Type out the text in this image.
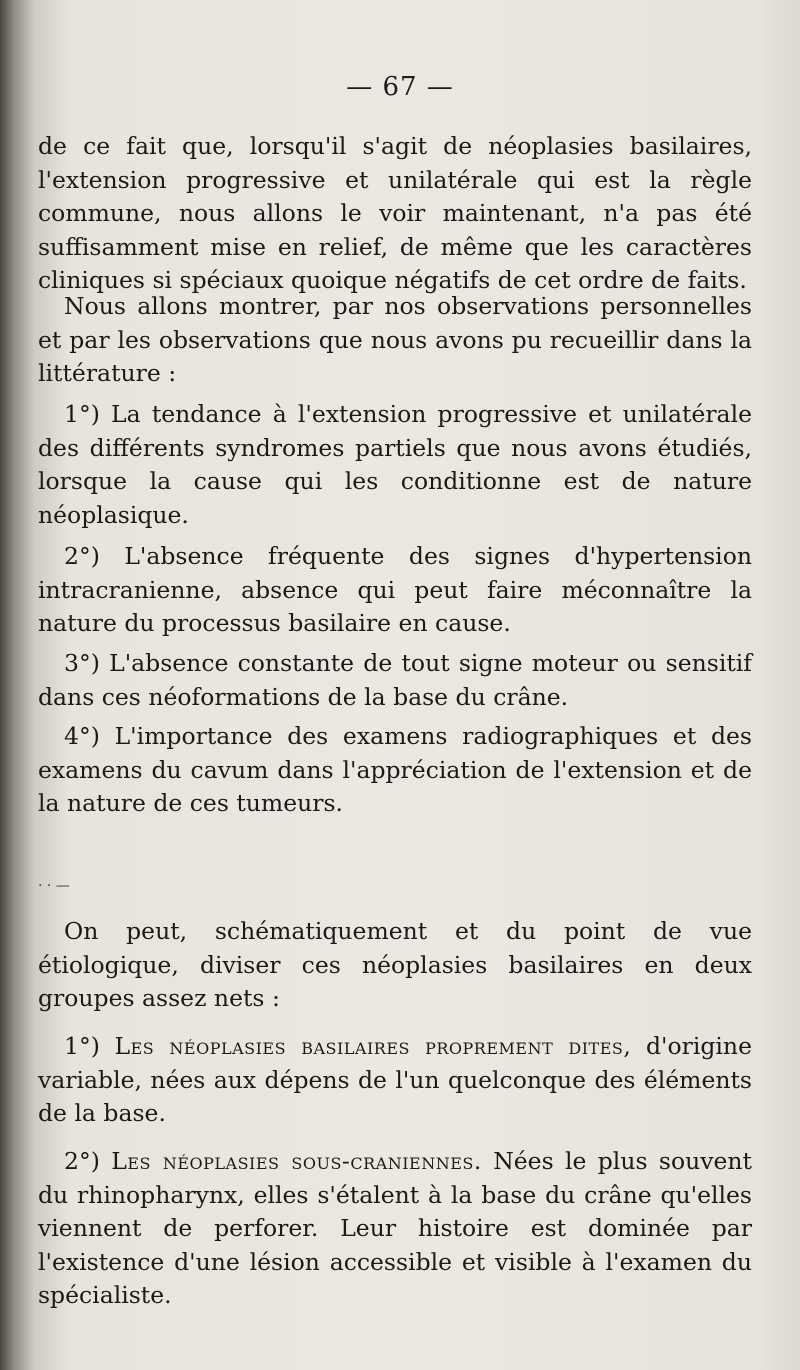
— 67 —

de ce fait que, lorsqu'il s'agit de néoplasies basilaires, l'extension progressive et unilatérale qui est la règle commune, nous allons le voir maintenant, n'a pas été suffisamment mise en relief, de même que les caractères cliniques si spéciaux quoique négatifs de cet ordre de faits.

Nous allons montrer, par nos observations personnelles et par les observations que nous avons pu recueillir dans la littérature :

1°) La tendance à l'extension progressive et unilatérale des différents syndromes partiels que nous avons étudiés, lorsque la cause qui les conditionne est de nature néoplasique.

2°) L'absence fréquente des signes d'hypertension intracranienne, absence qui peut faire méconnaître la nature du processus basilaire en cause.

3°) L'absence constante de tout signe moteur ou sensitif dans ces néoformations de la base du crâne.

4°) L'importance des examens radiographiques et des examens du cavum dans l'appréciation de l'extension et de la nature de ces tumeurs.

· · —

On peut, schématiquement et du point de vue étiologique, diviser ces néoplasies basilaires en deux groupes assez nets :

1°) Les néoplasies basilaires proprement dites, d'origine variable, nées aux dépens de l'un quelconque des éléments de la base.

2°) Les néoplasies sous-craniennes. Nées le plus souvent du rhinopharynx, elles s'étalent à la base du crâne qu'elles viennent de perforer. Leur histoire est dominée par l'existence d'une lésion accessible et visible à l'examen du spécialiste.
